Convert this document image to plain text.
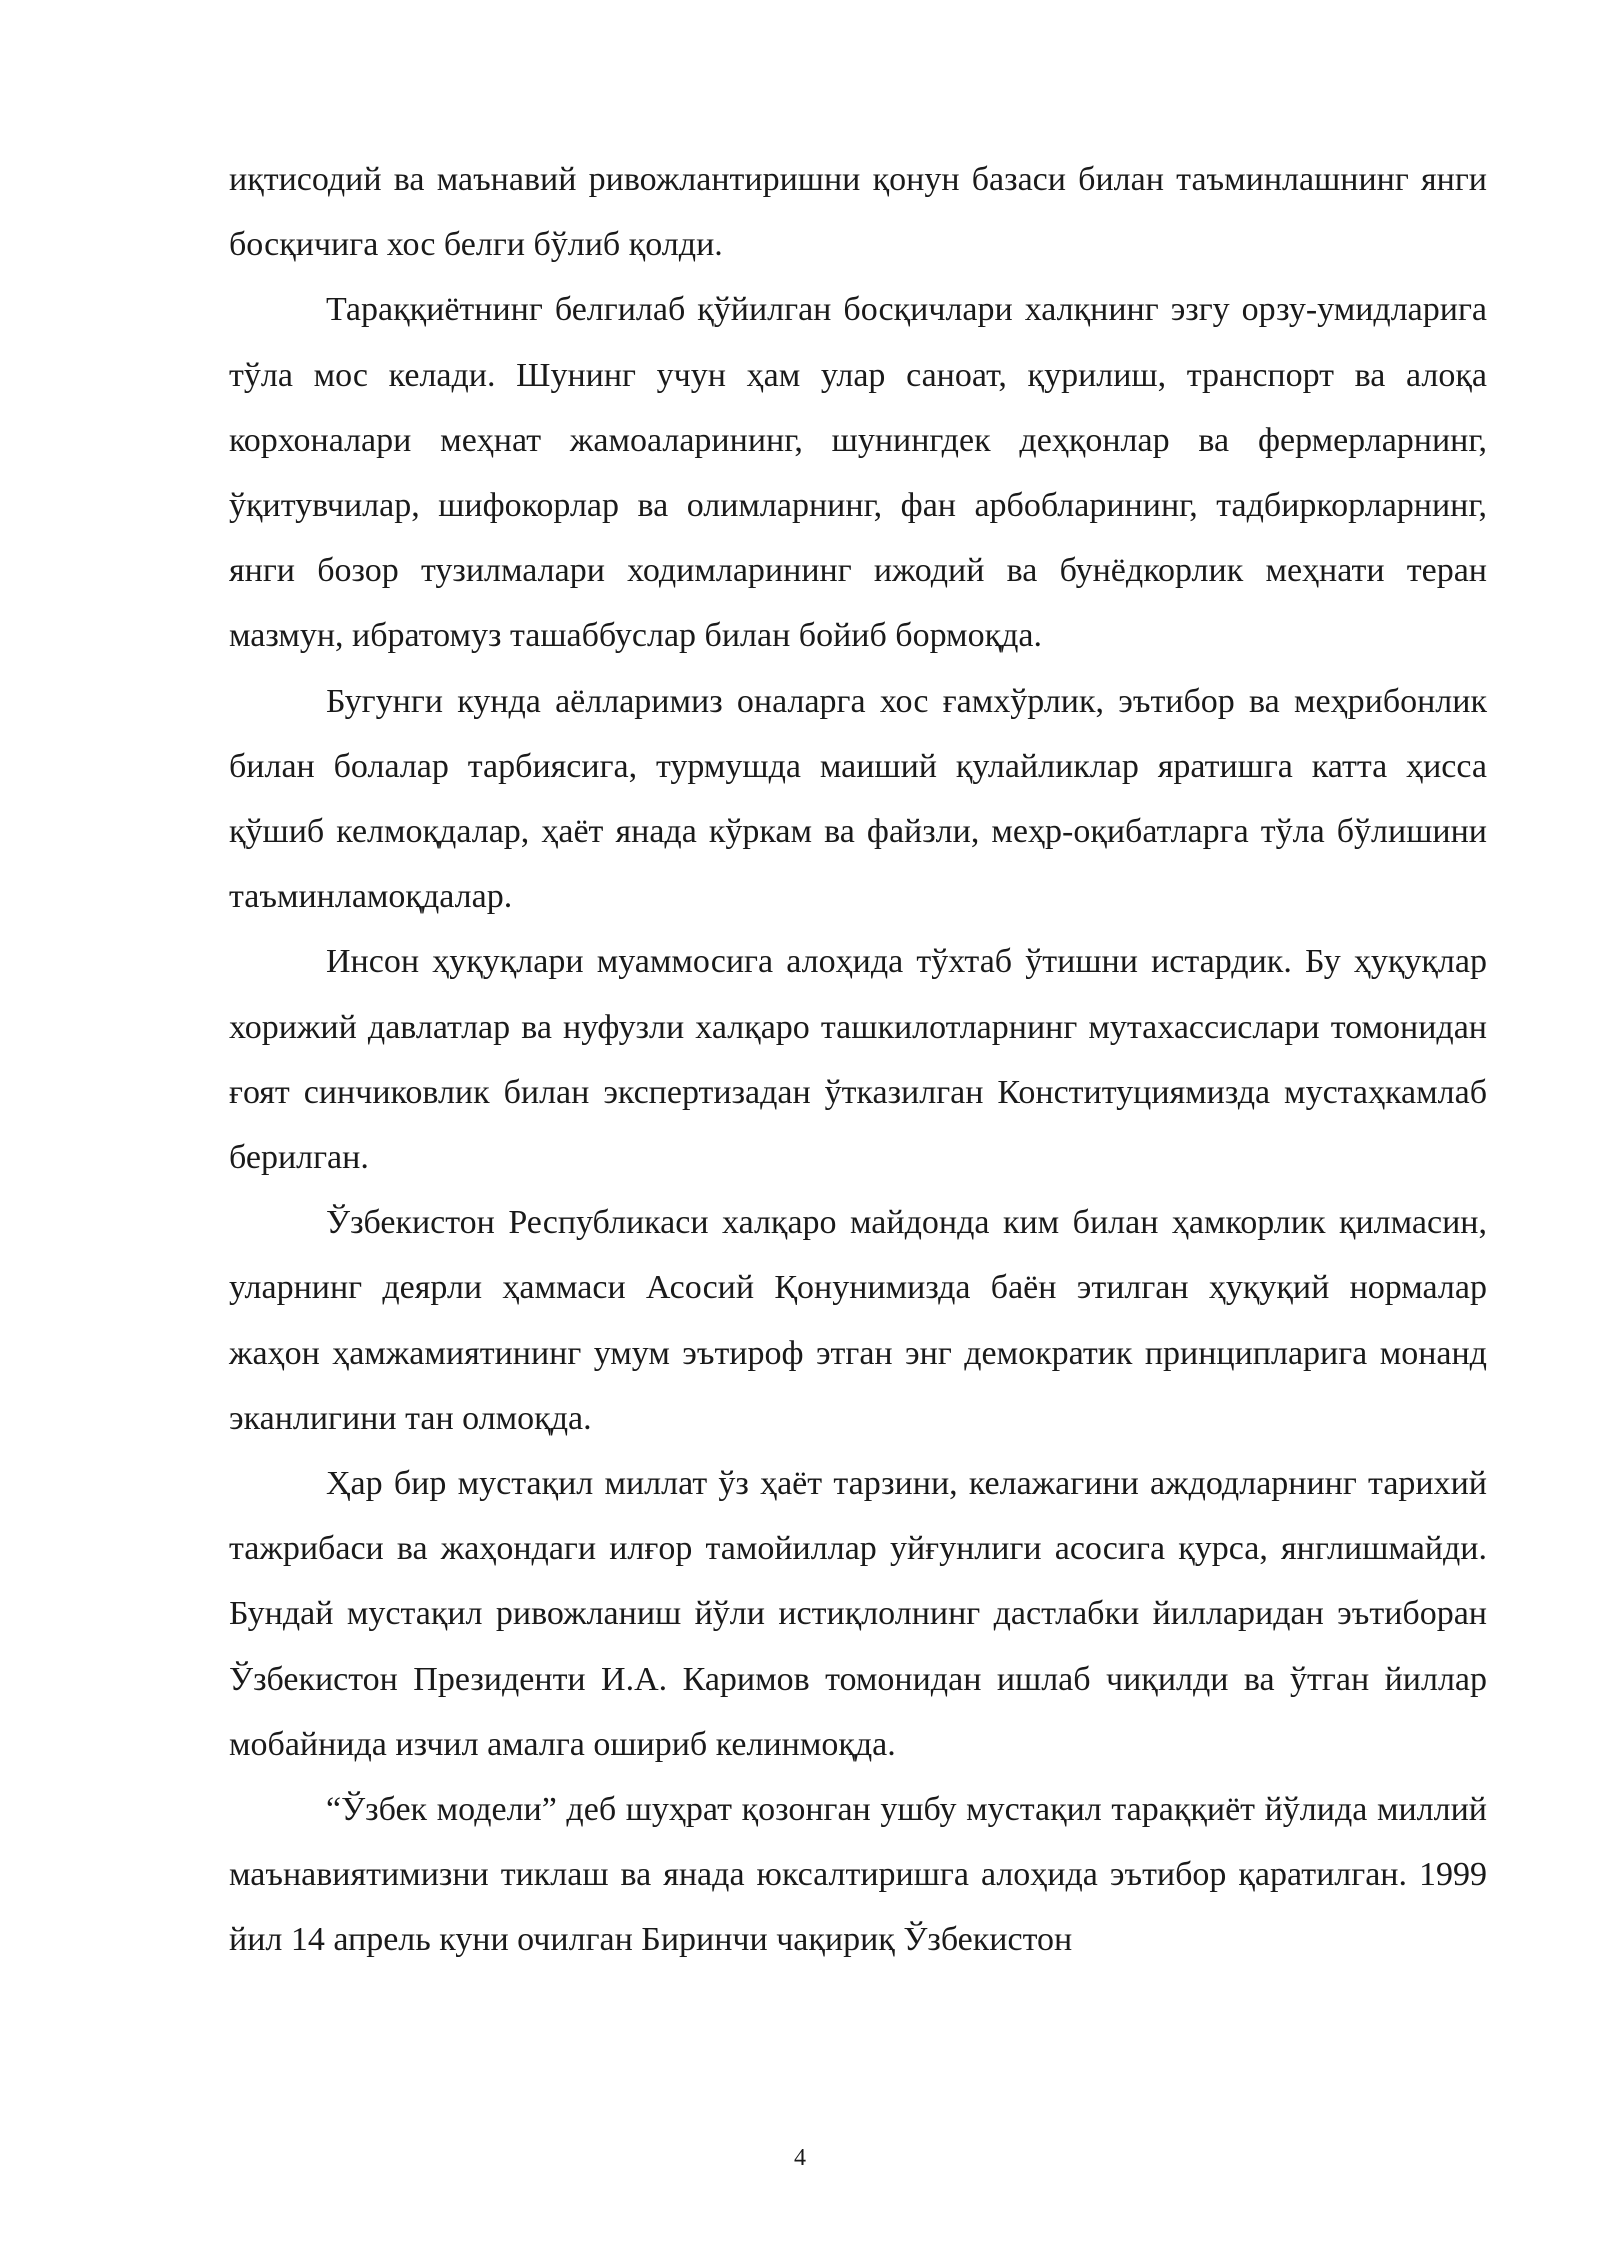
иқтисодий ва маънавий ривожлантиришни қонун базаси билан таъминлашнинг янги босқичига хос белги бўлиб қолди.

Тараққиётнинг белгилаб қўйилган босқичлари халқнинг эзгу орзу-умидларига тўла мос келади. Шунинг учун ҳам улар саноат, қурилиш, транспорт ва алоқа корхоналари меҳнат жамоаларининг, шунингдек деҳқонлар ва фермерларнинг, ўқитувчилар, шифокорлар ва олимларнинг, фан арбобларининг, тадбиркорларнинг, янги бозор тузилмалари ходимларининг ижодий ва бунёдкорлик меҳнати теран мазмун, ибратомуз ташаббуслар билан бойиб бормоқда.

Бугунги кунда аёлларимиз оналарга хос ғамхўрлик, эътибор ва меҳрибонлик билан болалар тарбиясига, турмушда маиший қулайликлар яратишга катта ҳисса қўшиб келмоқдалар, ҳаёт янада кўркам ва файзли, меҳр-оқибатларга тўла бўлишини таъминламоқдалар.

Инсон ҳуқуқлари муаммосига алоҳида тўхтаб ўтишни истардик. Бу ҳуқуқлар хорижий давлатлар ва нуфузли халқаро ташкилотларнинг мутахассислари томонидан ғоят синчиковлик билан экспертизадан ўтказилган Конституциямизда мустаҳкамлаб берилган.

Ўзбекистон Республикаси халқаро майдонда ким билан ҳамкорлик қилмасин, уларнинг деярли ҳаммаси Асосий Қонунимизда баён этилган ҳуқуқий нормалар жаҳон ҳамжамиятининг умум эътироф этган энг демократик принципларига монанд эканлигини тан олмоқда.

Ҳар бир мустақил миллат ўз ҳаёт тарзини, келажагини аждодларнинг тарихий тажрибаси ва жаҳондаги илғор тамойиллар уйғунлиги асосига қурса, янглишмайди. Бундай мустақил ривожланиш йўли истиқлолнинг дастлабки йилларидан эътиборан Ўзбекистон Президенти И.А. Каримов томонидан ишлаб чиқилди ва ўтган йиллар мобайнида изчил амалга ошириб келинмоқда.

“Ўзбек модели” деб шуҳрат қозонган ушбу мустақил тараққиёт йўлида миллий маънавиятимизни тиклаш ва янада юксалтиришга алоҳида эътибор қаратилган. 1999 йил 14 апрель куни очилган Биринчи чақириқ Ўзбекистон

4
